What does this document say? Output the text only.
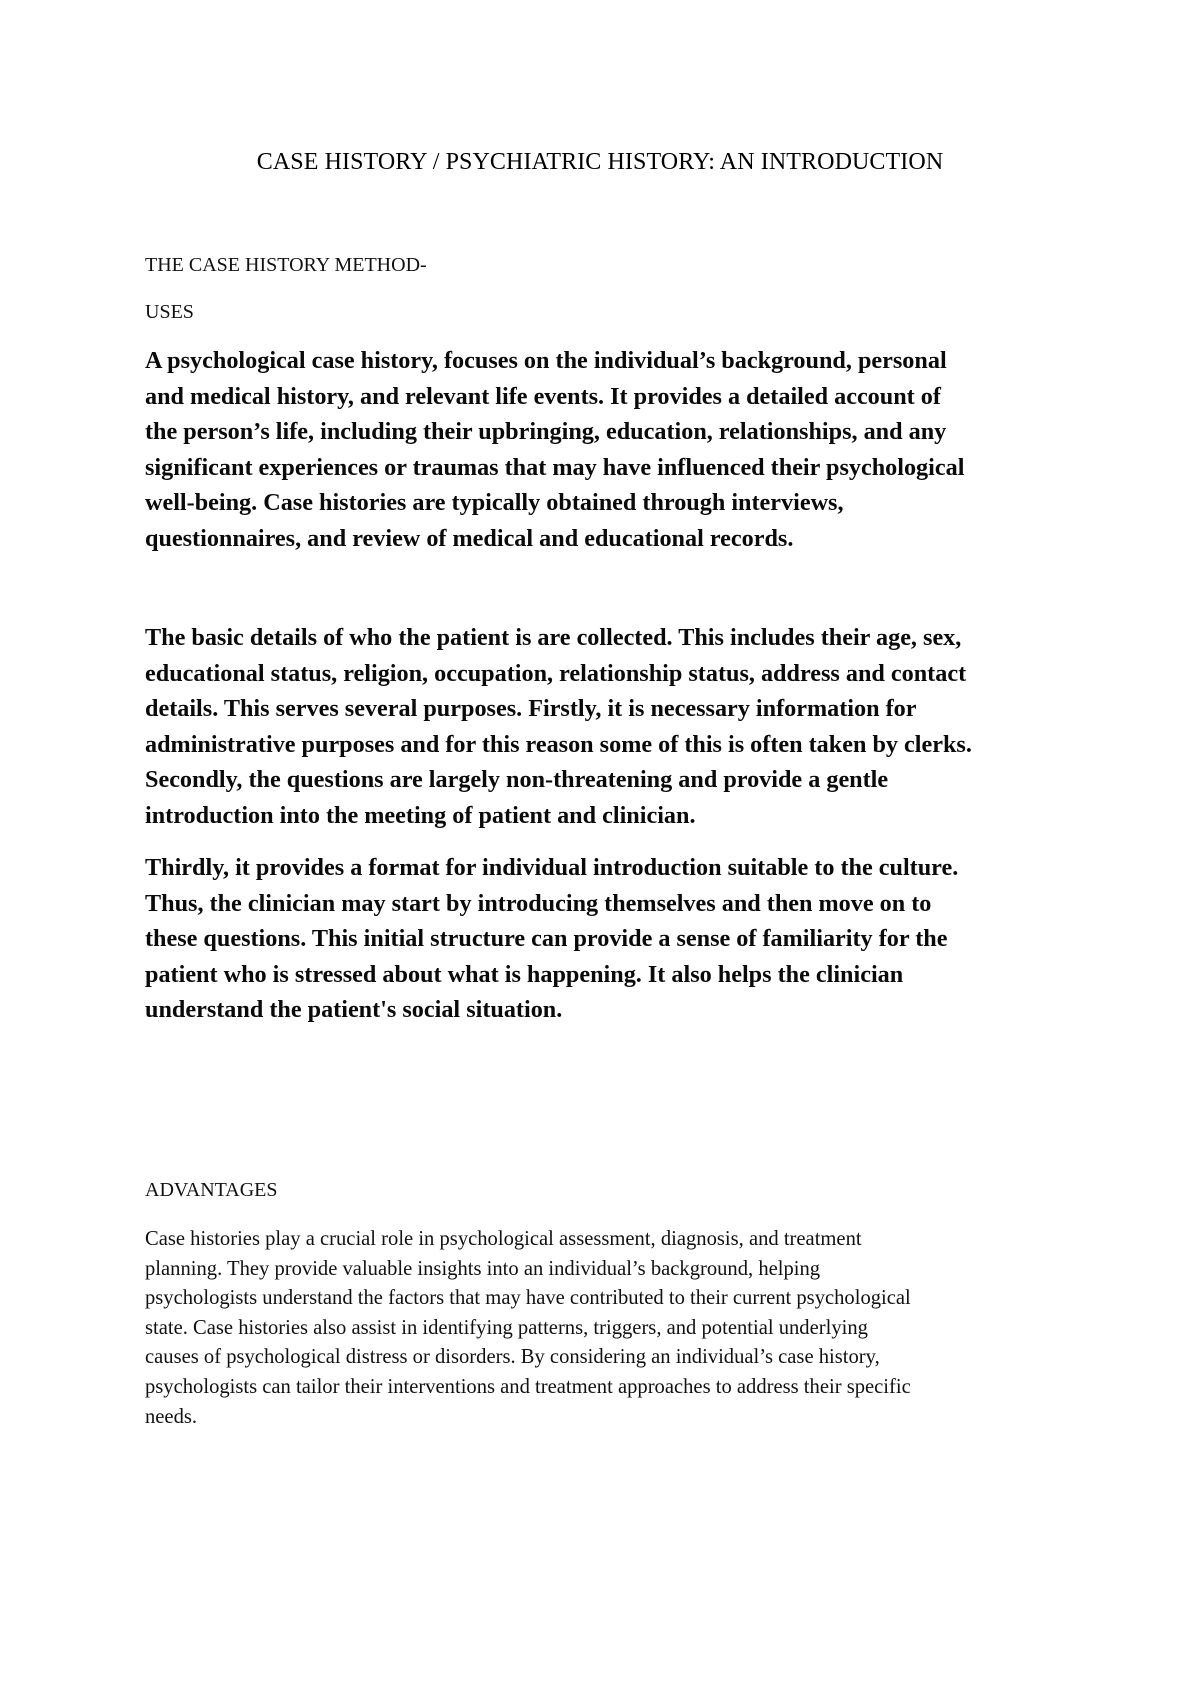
CASE HISTORY / PSYCHIATRIC HISTORY: AN INTRODUCTION

THE CASE HISTORY METHOD-

USES

A psychological case history, focuses on the individual’s background, personal
and medical history, and relevant life events. It provides a detailed account of
the person’s life, including their upbringing, education, relationships, and any
significant experiences or traumas that may have influenced their psychological
well-being. Case histories are typically obtained through interviews,
questionnaires, and review of medical and educational records.

The basic details of who the patient is are collected. This includes their age, sex,
educational status, religion, occupation, relationship status, address and contact
details. This serves several purposes. Firstly, it is necessary information for
administrative purposes and for this reason some of this is often taken by clerks.
Secondly, the questions are largely non-threatening and provide a gentle
introduction into the meeting of patient and clinician.

Thirdly, it provides a format for individual introduction suitable to the culture.
Thus, the clinician may start by introducing themselves and then move on to
these questions. This initial structure can provide a sense of familiarity for the
patient who is stressed about what is happening. It also helps the clinician
understand the patient's social situation.

ADVANTAGES

Case histories play a crucial role in psychological assessment, diagnosis, and treatment
planning. They provide valuable insights into an individual’s background, helping
psychologists understand the factors that may have contributed to their current psychological
state. Case histories also assist in identifying patterns, triggers, and potential underlying
causes of psychological distress or disorders. By considering an individual’s case history,
psychologists can tailor their interventions and treatment approaches to address their specific
needs.
